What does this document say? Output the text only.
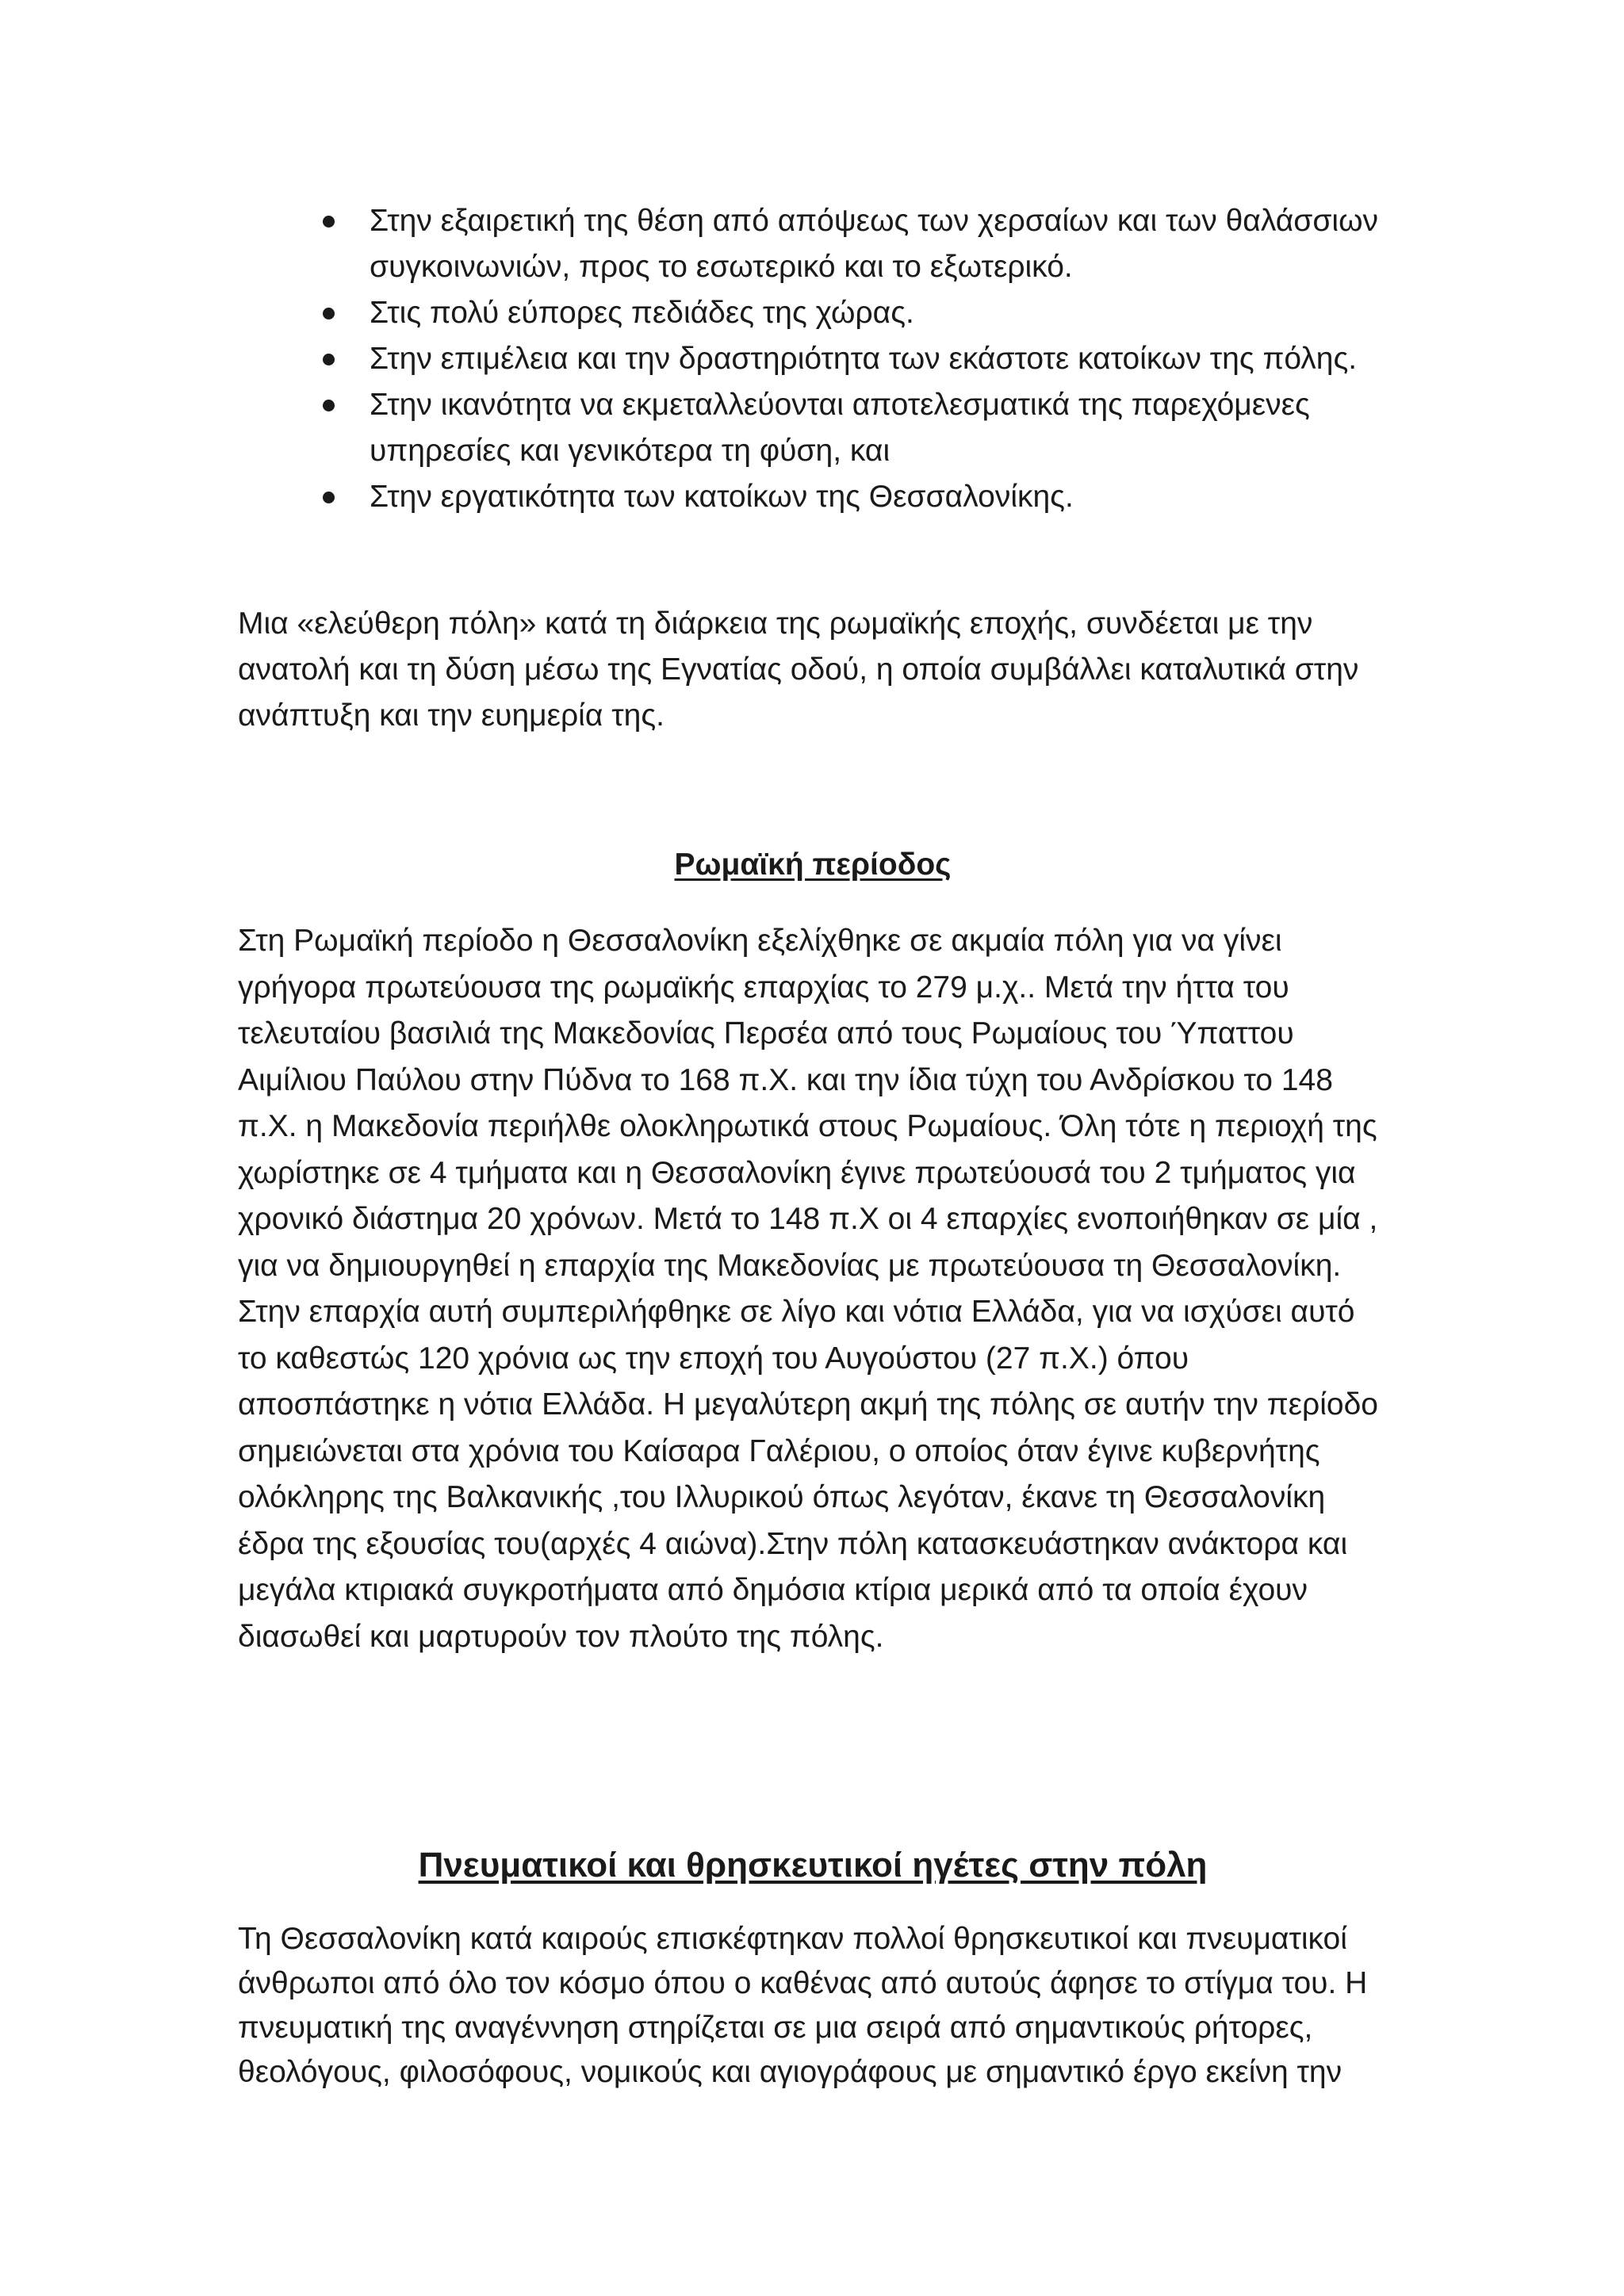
Στην εξαιρετική της θέση από απόψεως των χερσαίων και των θαλάσσιων συγκοινωνιών, προς το εσωτερικό και το εξωτερικό.
Στις πολύ εύπορες πεδιάδες της χώρας.
Στην επιμέλεια και την δραστηριότητα των εκάστοτε κατοίκων της πόλης.
Στην ικανότητα να εκμεταλλεύονται αποτελεσματικά της παρεχόμενες υπηρεσίες και γενικότερα τη φύση, και
Στην εργατικότητα των κατοίκων της Θεσσαλονίκης.

Μια «ελεύθερη πόλη» κατά τη διάρκεια της ρωμαϊκής εποχής, συνδέεται με την ανατολή και τη δύση μέσω της Εγνατίας οδού, η οποία συμβάλλει καταλυτικά στην ανάπτυξη και την ευημερία της.

Ρωμαϊκή περίοδος

Στη Ρωμαϊκή περίοδο η Θεσσαλονίκη εξελίχθηκε σε ακμαία πόλη για να γίνει γρήγορα πρωτεύουσα της ρωμαϊκής επαρχίας το 279 μ.χ.. Μετά την ήττα του τελευταίου βασιλιά της Μακεδονίας Περσέα από τους Ρωμαίους του Ύπαττου Αιμίλιου Παύλου στην Πύδνα το 168 π.Χ. και την ίδια τύχη του Ανδρίσκου το 148 π.Χ. η Μακεδονία περιήλθε ολοκληρωτικά στους Ρωμαίους. Όλη τότε η περιοχή της χωρίστηκε σε 4 τμήματα και η Θεσσαλονίκη έγινε πρωτεύουσά του 2 τμήματος για χρονικό διάστημα 20 χρόνων. Μετά το 148 π.Χ οι 4 επαρχίες ενοποιήθηκαν σε μία , για να δημιουργηθεί η επαρχία της Μακεδονίας με πρωτεύουσα τη Θεσσαλονίκη. Στην επαρχία αυτή συμπεριλήφθηκε σε λίγο και νότια Ελλάδα, για να ισχύσει αυτό το καθεστώς 120 χρόνια ως την εποχή του Αυγούστου (27 π.Χ.) όπου αποσπάστηκε η νότια Ελλάδα. Η μεγαλύτερη ακμή της πόλης σε αυτήν την περίοδο σημειώνεται στα χρόνια του Καίσαρα Γαλέριου, ο οποίος όταν έγινε κυβερνήτης ολόκληρης της Βαλκανικής ,του Ιλλυρικού όπως λεγόταν, έκανε τη Θεσσαλονίκη έδρα της εξουσίας του(αρχές 4 αιώνα).Στην πόλη κατασκευάστηκαν ανάκτορα και μεγάλα κτιριακά συγκροτήματα από δημόσια κτίρια μερικά από τα οποία έχουν διασωθεί και μαρτυρούν τον πλούτο της πόλης.

Πνευματικοί και θρησκευτικοί ηγέτες στην πόλη

Τη Θεσσαλονίκη κατά καιρούς επισκέφτηκαν πολλοί θρησκευτικοί και πνευματικοί άνθρωποι από όλο τον κόσμο όπου ο καθένας από αυτούς άφησε το στίγμα του. Η πνευματική της αναγέννηση στηρίζεται σε μια σειρά από σημαντικούς ρήτορες, θεολόγους, φιλοσόφους, νομικούς και αγιογράφους με σημαντικό έργο εκείνη την
